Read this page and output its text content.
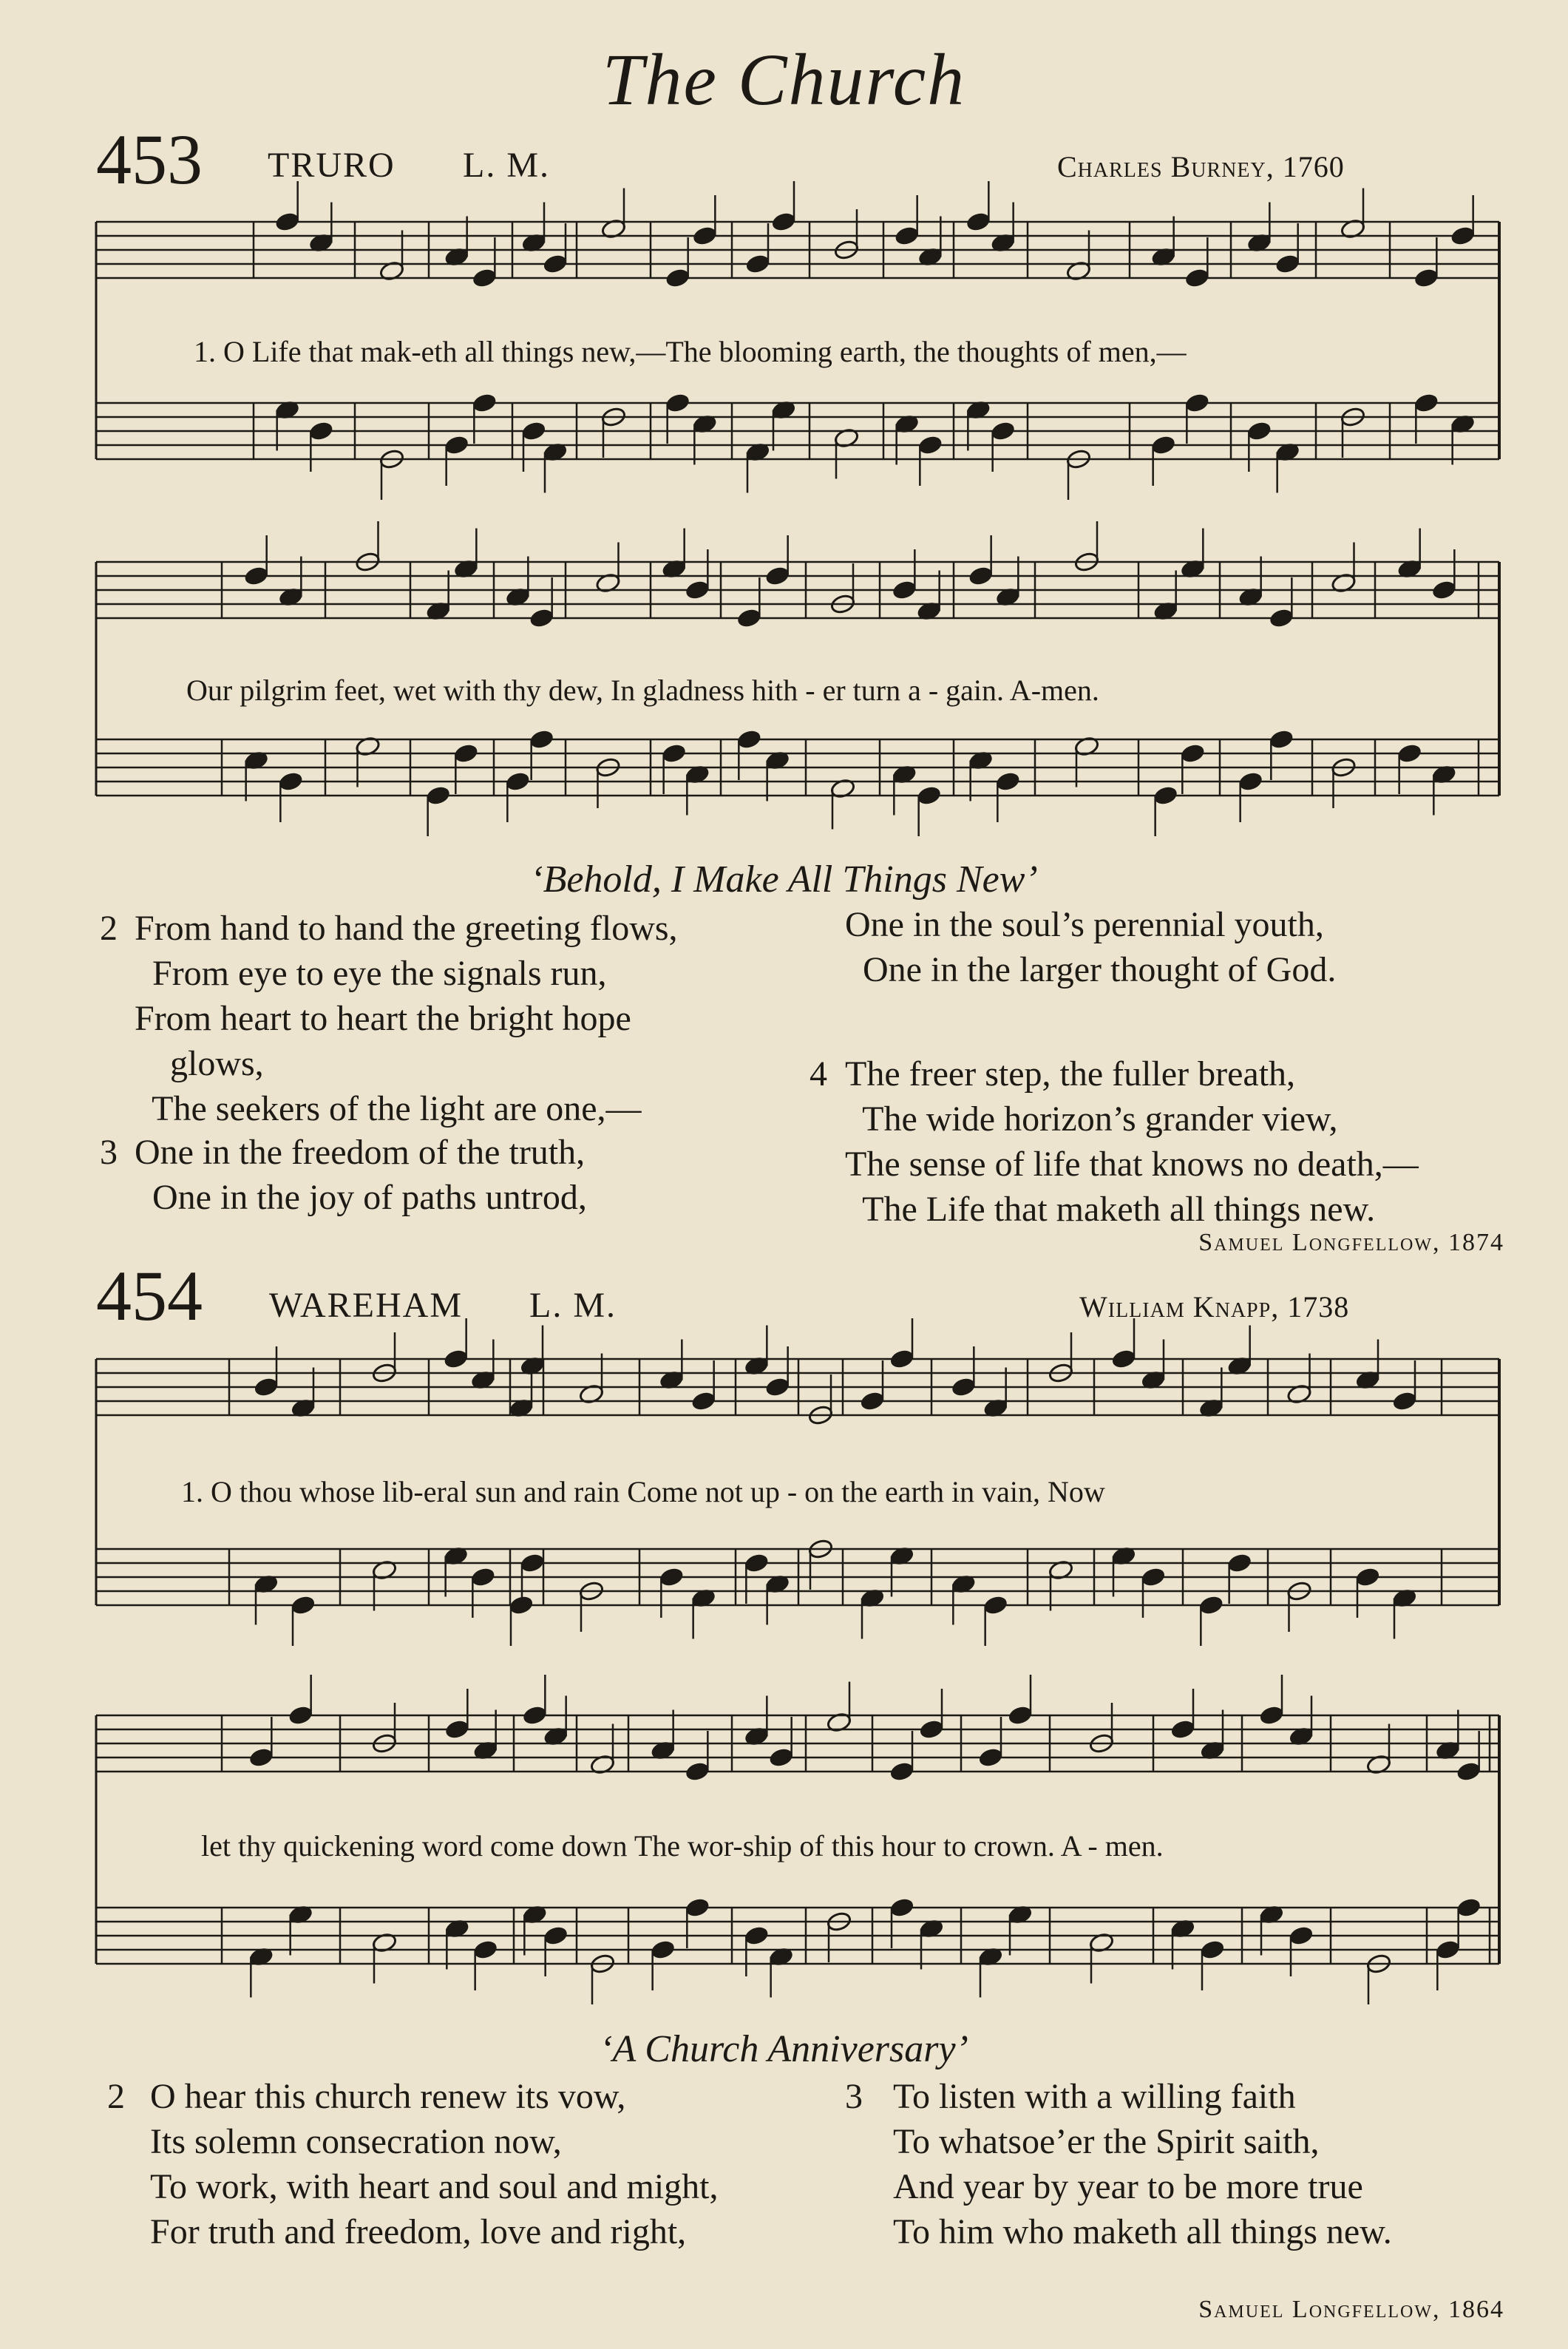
The Church
453 TRURO L. M.	Charles Burney, 1760
1. O Life that mak-eth all things new,—The blooming earth, the thoughts of men,—
Our pilgrim feet, wet with thy dew, In gladness hith - er turn a - gain. A-men.
‘Behold, I Make All Things New’
2 From hand to hand the greeting flows,
From eye to eye the signals run,
From heart to heart the bright hope
glows,
The seekers of the light are one,—
3 One in the freedom of the truth,
One in the joy of paths untrod,
One in the soul’s perennial youth,
One in the larger thought of God.
4 The freer step, the fuller breath,
The wide horizon’s grander view,
The sense of life that knows no death,—
The Life that maketh all things new.
Samuel Longfellow, 1874
454 WAREHAM L. M.	William Knapp, 1738
1. O thou whose lib-eral sun and rain Come not up - on the earth in vain, Now
let thy quickening word come down The wor-ship of this hour to crown. A - men.
‘A Church Anniversary’
2 O hear this church renew its vow,
Its solemn consecration now,
To work, with heart and soul and might,
For truth and freedom, love and right,
3 To listen with a willing faith
To whatsoe’er the Spirit saith,
And year by year to be more true
To him who maketh all things new.
Samuel Longfellow, 1864
